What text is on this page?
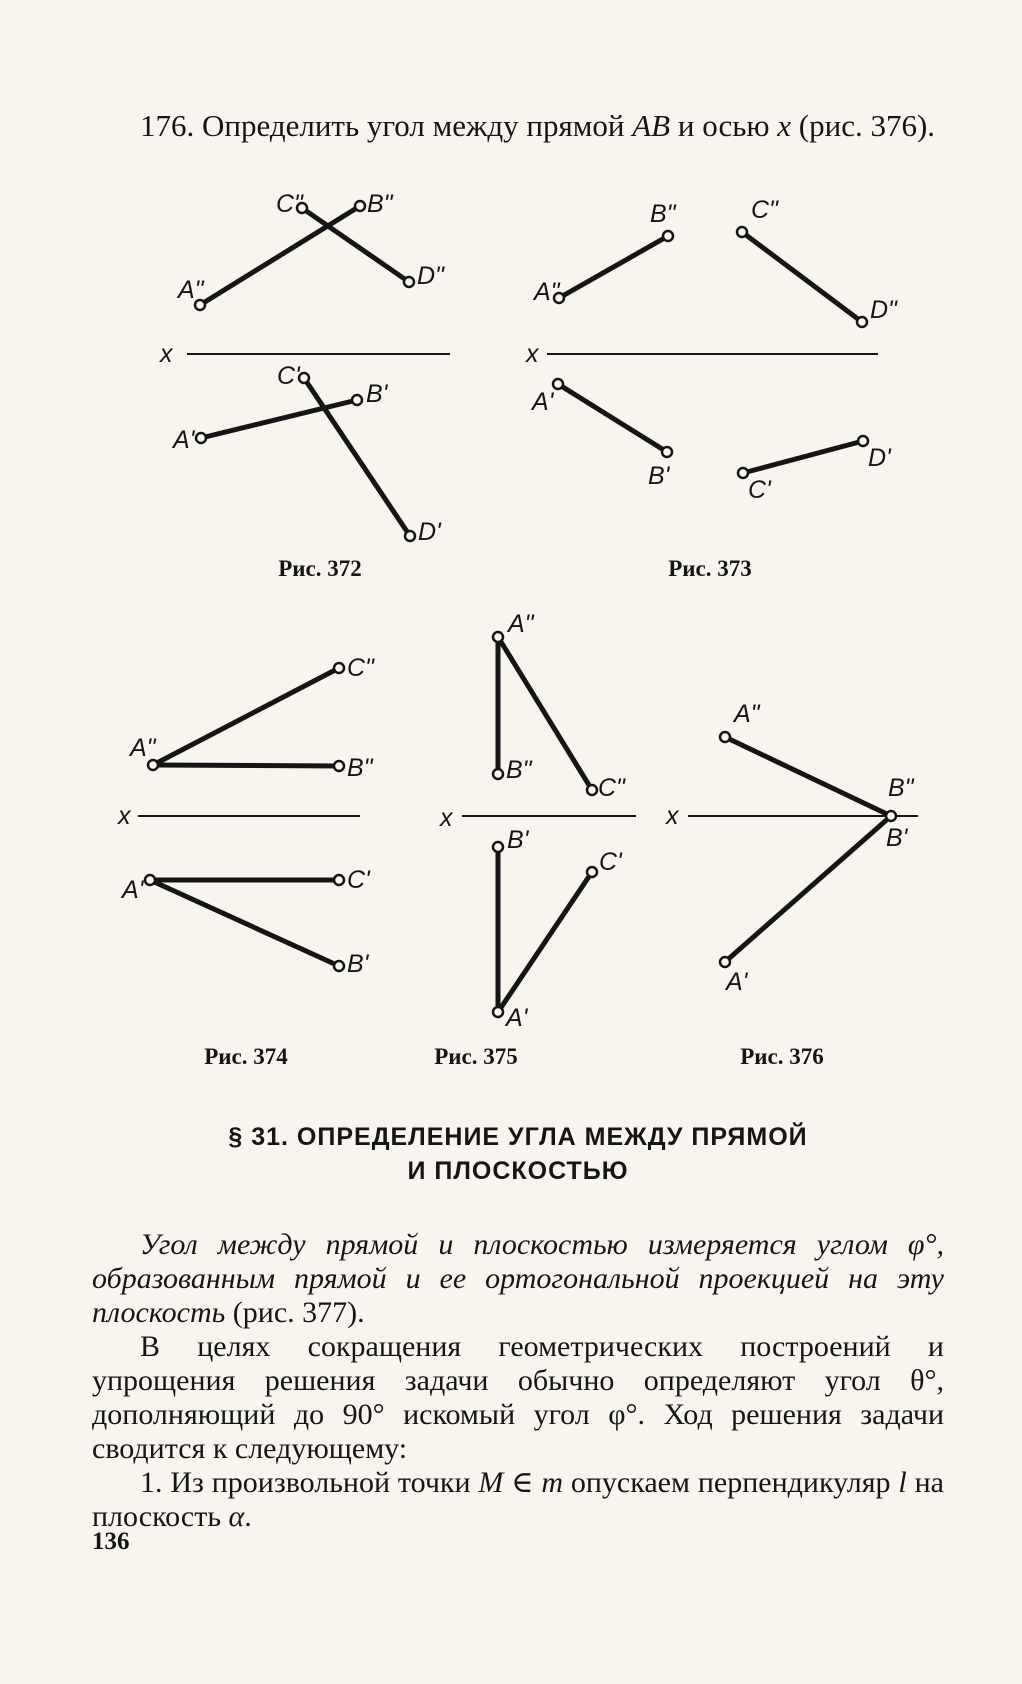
176. Определить угол между прямой AB и осью x (рис. 376).

x
C"	B"
A"	D"
C'
B'
A'
D'
x
B"	C"
A"
D"
A'
B'	C'
D'
x
C"
A"
B"
A'	C'
B'
x
A"
B"
C"
B'
C'
A'
x
A"
B"
B'
A'
Рис. 372	Рис. 373
Рис. 374	Рис. 375	Рис. 376
§ 31. ОПРЕДЕЛЕНИЕ УГЛА МЕЖДУ ПРЯМОЙ
И ПЛОСКОСТЬЮ

Угол между прямой и плоскостью измеряется углом φ°, образованным прямой и ее ортогональной проекцией на эту плоскость (рис. 377).

В целях сокращения геометрических построений и упрощения решения задачи обычно определяют угол θ°, дополняющий до 90° искомый угол φ°. Ход решения задачи сводится к следующему:

1. Из произвольной точки M ∈ m опускаем перпендикуляр l на плоскость α.

136
